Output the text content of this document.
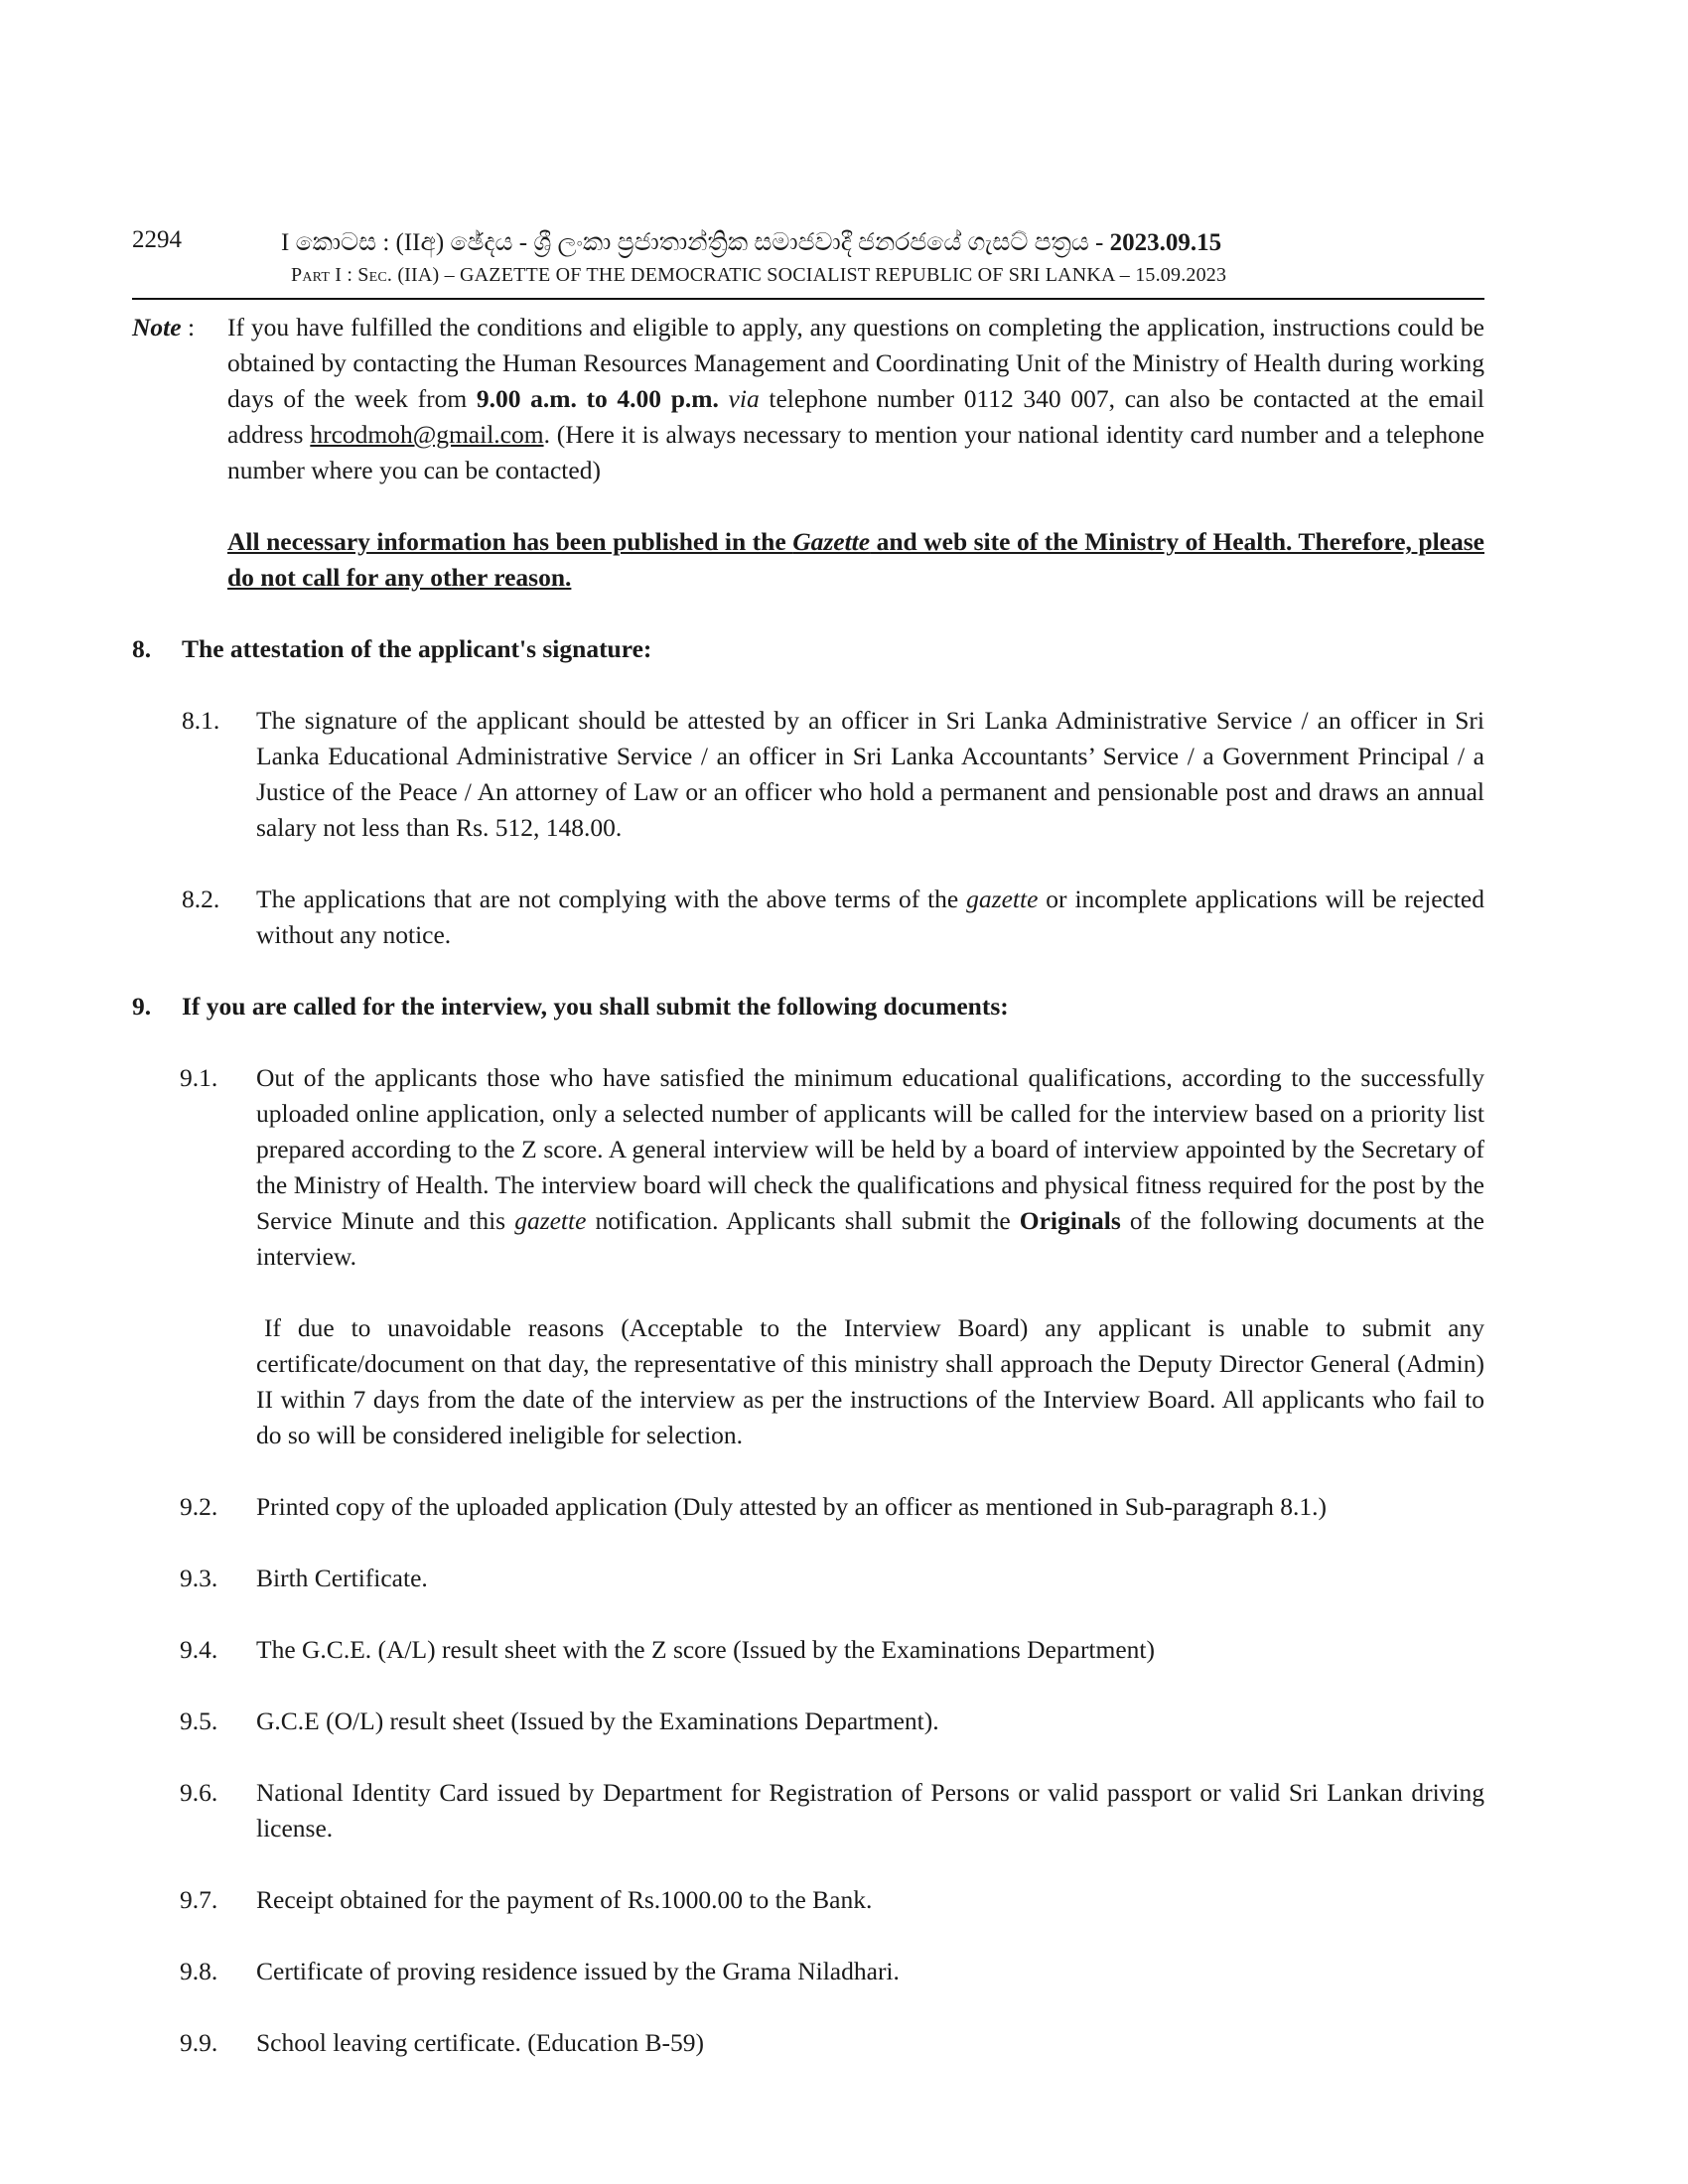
2294	I කොටස : (IIඅ) ඡේදය - ශ්‍රී ලංකා ප්‍රජාතාන්ත්‍රික සමාජවාදී ජනරජයේ ගැසට් පත්‍රය - 2023.09.15
Part I : Sec. (IIA) – GAZETTE OF THE DEMOCRATIC SOCIALIST REPUBLIC OF SRI LANKA – 15.09.2023
Note :	If you have fulfilled the conditions and eligible to apply, any questions on completing the application, instructions could be obtained by contacting the Human Resources Management and Coordinating Unit of the Ministry of Health during working days of the week from 9.00 a.m. to 4.00 p.m. via telephone number 0112 340 007, can also be contacted at the email address hrcodmoh@gmail.com. (Here it is always necessary to mention your national identity card number and a telephone number where you can be contacted)

All necessary information has been published in the Gazette and web site of the Ministry of Health. Therefore, please do not call for any other reason.

8.	The attestation of the applicant's signature:
8.1.	The signature of the applicant should be attested by an officer in Sri Lanka Administrative Service / an officer in Sri Lanka Educational Administrative Service / an officer in Sri Lanka Accountants’ Service / a Government Principal / a Justice of the Peace / An attorney of Law or an officer who hold a permanent and pensionable post and draws an annual salary not less than Rs. 512, 148.00.

8.2.	The applications that are not complying with the above terms of the gazette or incomplete applications will be rejected without any notice.

9.	If you are called for the interview, you shall submit the following documents:
9.1.	Out of the applicants those who have satisfied the minimum educational qualifications, according to the successfully uploaded online application, only a selected number of applicants will be called for the interview based on a priority list prepared according to the Z score. A general interview will be held by a board of interview appointed by the Secretary of the Ministry of Health. The interview board will check the qualifications and physical fitness required for the post by the Service Minute and this gazette notification. Applicants shall submit the Originals of the following documents at the interview.

If due to unavoidable reasons (Acceptable to the Interview Board) any applicant is unable to submit any certificate/document on that day, the representative of this ministry shall approach the Deputy Director General (Admin) II within 7 days from the date of the interview as per the instructions of the Interview Board. All applicants who fail to do so will be considered ineligible for selection.

9.2.	Printed copy of the uploaded application (Duly attested by an officer as mentioned in Sub-paragraph 8.1.)

9.3.	Birth Certificate.

9.4.	The G.C.E. (A/L) result sheet with the Z score (Issued by the Examinations Department)

9.5.	G.C.E (O/L) result sheet (Issued by the Examinations Department).

9.6.	National Identity Card issued by Department for Registration of Persons or valid passport or valid Sri Lankan driving license.

9.7.	Receipt obtained for the payment of Rs.1000.00 to the Bank.

9.8.	Certificate of proving residence issued by the Grama Niladhari.

9.9.	School leaving certificate. (Education B-59)
